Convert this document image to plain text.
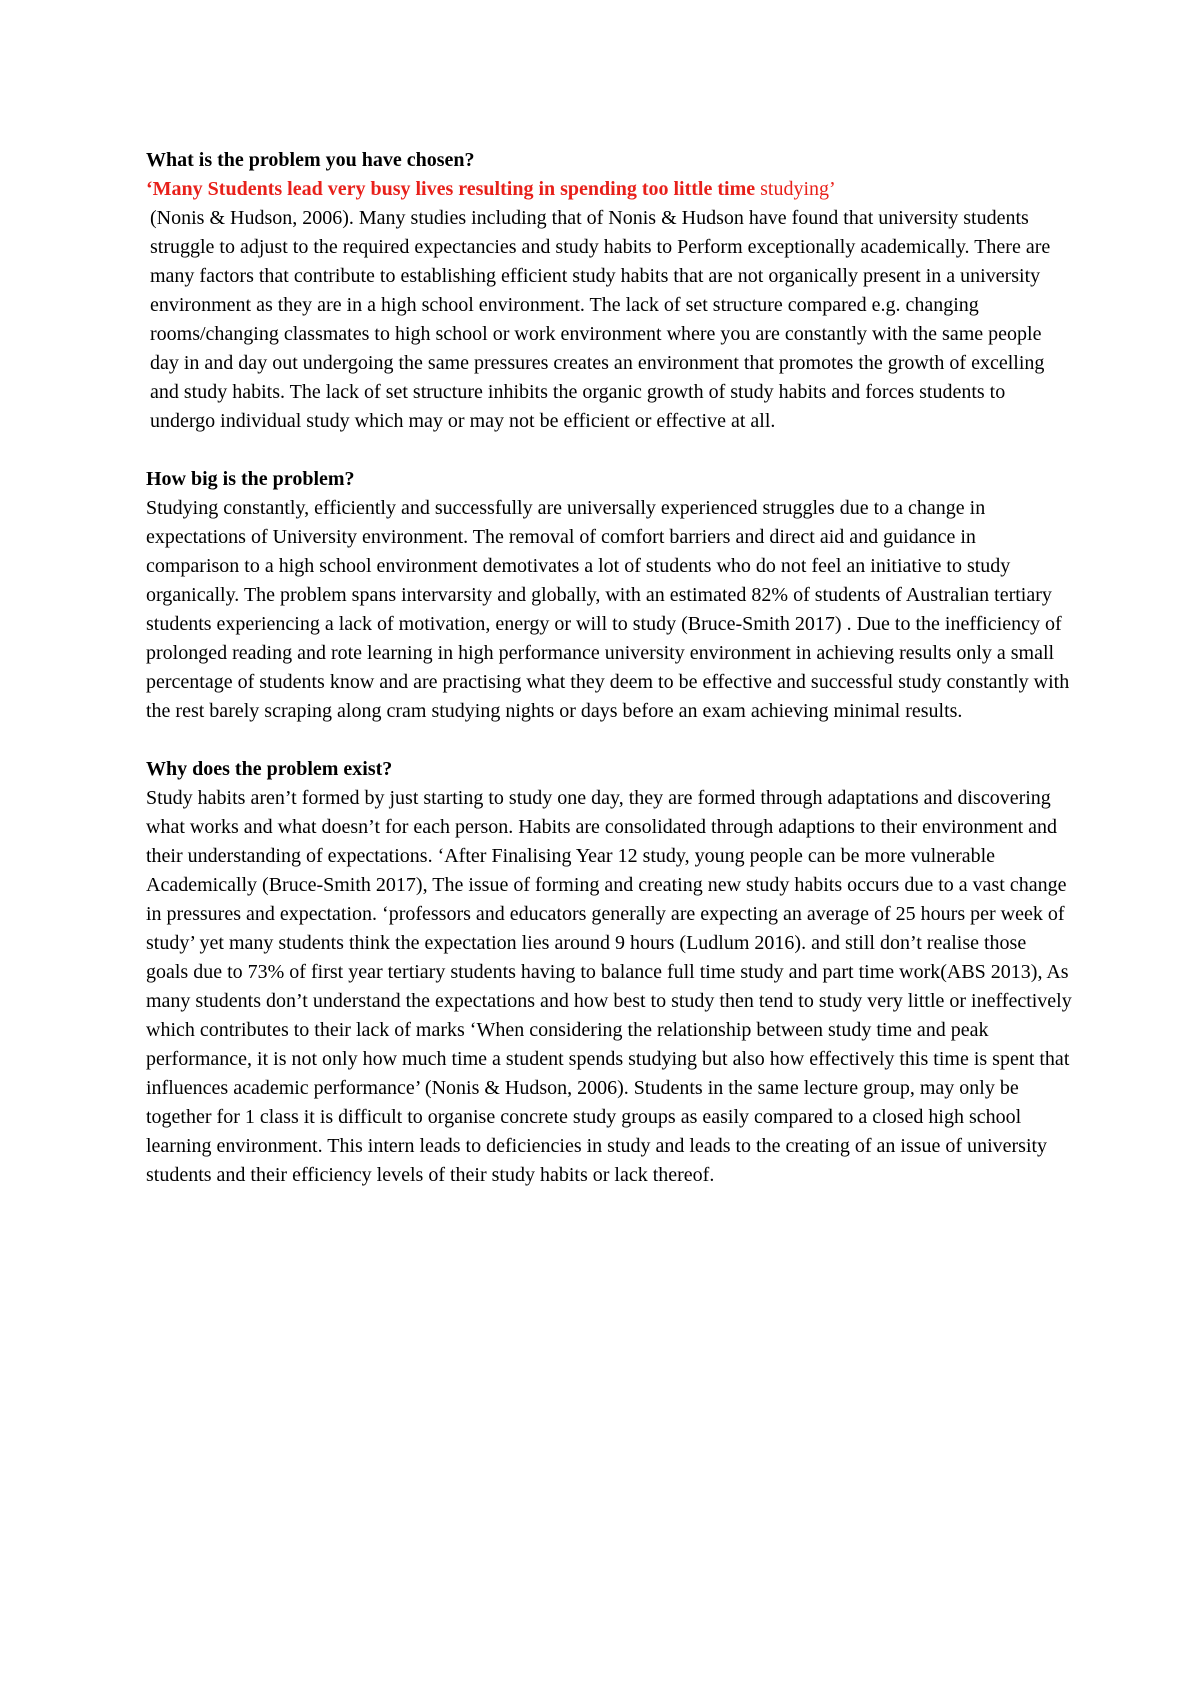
What is the problem you have chosen?
‘Many Students lead very busy lives resulting in spending too little time studying’
(Nonis & Hudson, 2006). Many studies including that of Nonis & Hudson have found that university students struggle to adjust to the required expectancies and study habits to Perform exceptionally academically. There are many factors that contribute to establishing efficient study habits that are not organically present in a university environment as they are in a high school environment. The lack of set structure compared e.g. changing rooms/changing classmates to high school or work environment where you are constantly with the same people day in and day out undergoing the same pressures creates an environment that promotes the growth of excelling and study habits. The lack of set structure inhibits the organic growth of study habits and forces students to undergo individual study which may or may not be efficient or effective at all.
How big is the problem?
Studying constantly, efficiently and successfully are universally experienced struggles due to a change in expectations of University environment. The removal of comfort barriers and direct aid and guidance in comparison to a high school environment demotivates a lot of students who do not feel an initiative to study organically. The problem spans intervarsity and globally, with an estimated 82% of students of Australian tertiary students experiencing a lack of motivation, energy or will to study (Bruce-Smith 2017) . Due to the inefficiency of prolonged reading and rote learning in high performance university environment in achieving results only a small percentage of students know and are practising what they deem to be effective and successful study constantly with the rest barely scraping along cram studying nights or days before an exam achieving minimal results.
Why does the problem exist?
Study habits aren’t formed by just starting to study one day, they are formed through adaptations and discovering what works and what doesn’t for each person. Habits are consolidated through adaptions to their environment and their understanding of expectations. ‘After Finalising Year 12 study, young people can be more vulnerable Academically (Bruce-Smith 2017), The issue of forming and creating new study habits occurs due to a vast change in pressures and expectation. ‘professors and educators generally are expecting an average of 25 hours per week of study’ yet many students think the expectation lies around 9 hours (Ludlum 2016). and still don’t realise those goals due to 73% of first year tertiary students having to balance full time study and part time work(ABS 2013), As many students don’t understand the expectations and how best to study then tend to study very little or ineffectively which contributes to their lack of marks ‘When considering the relationship between study time and peak performance, it is not only how much time a student spends studying but also how effectively this time is spent that influences academic performance’ (Nonis & Hudson, 2006). Students in the same lecture group, may only be together for 1 class it is difficult to organise concrete study groups as easily compared to a closed high school learning environment. This intern leads to deficiencies in study and leads to the creating of an issue of university students and their efficiency levels of their study habits or lack thereof.
